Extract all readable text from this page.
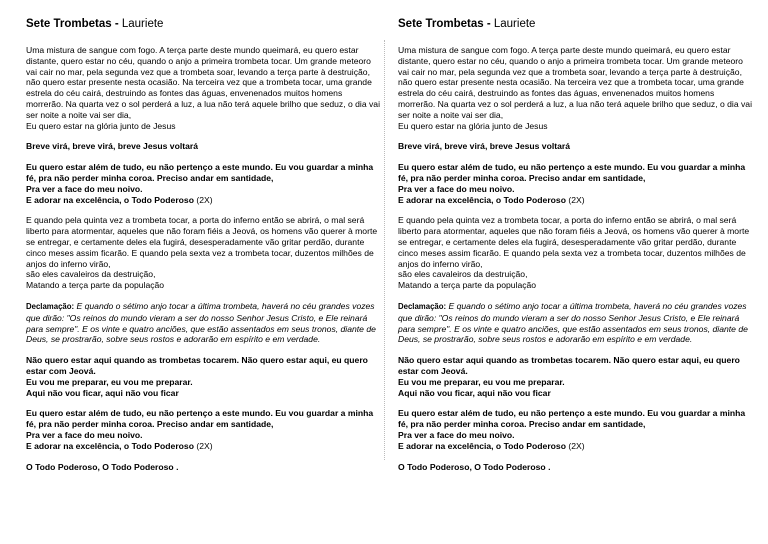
Sete Trombetas - Lauriete

Uma mistura de sangue com fogo. A terça parte deste mundo queimará, eu quero estar distante, quero estar no céu, quando o anjo a primeira trombeta tocar. Um grande meteoro vai cair no mar, pela segunda vez que a trombeta soar, levando a terça parte à destruição, não quero estar presente nesta ocasião. Na terceira vez que a trombeta tocar, uma grande estrela do céu cairá, destruindo as fontes das águas, envenenados muitos homens morrerão. Na quarta vez o sol perderá a luz, a lua não terá aquele brilho que seduz, o dia vai ser noite a noite vai ser dia,

Eu quero estar na glória junto de Jesus

Breve virá, breve virá, breve Jesus voltará

Eu quero estar além de tudo, eu não pertenço a este mundo. Eu vou guardar a minha fé, pra não perder minha coroa. Preciso andar em santidade,

Pra ver a face do meu noivo.

E adorar na excelência, o Todo Poderoso (2X)

E quando pela quinta vez a trombeta tocar, a porta do inferno então se abrirá, o mal será liberto para atormentar, aqueles que não foram fiéis a Jeová, os homens vão querer à morte se entregar, e certamente deles ela fugirá, desesperadamente vão gritar perdão, durante cinco meses assim ficarão. E quando pela sexta vez a trombeta tocar, duzentos milhões de anjos do inferno virão,

são eles cavaleiros da destruição,

Matando a terça parte da população

Declamação: E quando o sétimo anjo tocar a última trombeta, haverá no céu grandes vozes que dirão: "Os reinos do mundo vieram a ser do nosso Senhor Jesus Cristo, e Ele reinará para sempre". E os vinte e quatro anciões, que estão assentados em seus tronos, diante de Deus, se prostrarão, sobre seus rostos e adorarão em espírito e em verdade.

Não quero estar aqui quando as trombetas tocarem. Não quero estar aqui, eu quero estar com Jeová.

Eu vou me preparar, eu vou me preparar.

Aqui não vou ficar, aqui não vou ficar

Eu quero estar além de tudo, eu não pertenço a este mundo. Eu vou guardar a minha fé, pra não perder minha coroa. Preciso andar em santidade,

Pra ver a face do meu noivo.

E adorar na excelência, o Todo Poderoso (2X)

O Todo Poderoso, O Todo Poderoso .

Sete Trombetas - Lauriete

Uma mistura de sangue com fogo. A terça parte deste mundo queimará, eu quero estar distante, quero estar no céu, quando o anjo a primeira trombeta tocar. Um grande meteoro vai cair no mar, pela segunda vez que a trombeta soar, levando a terça parte à destruição, não quero estar presente nesta ocasião. Na terceira vez que a trombeta tocar, uma grande estrela do céu cairá, destruindo as fontes das águas, envenenados muitos homens morrerão. Na quarta vez o sol perderá a luz, a lua não terá aquele brilho que seduz, o dia vai ser noite a noite vai ser dia,

Eu quero estar na glória junto de Jesus

Breve virá, breve virá, breve Jesus voltará

Eu quero estar além de tudo, eu não pertenço a este mundo. Eu vou guardar a minha fé, pra não perder minha coroa. Preciso andar em santidade,

Pra ver a face do meu noivo.

E adorar na excelência, o Todo Poderoso (2X)

E quando pela quinta vez a trombeta tocar, a porta do inferno então se abrirá, o mal será liberto para atormentar, aqueles que não foram fiéis a Jeová, os homens vão querer à morte se entregar, e certamente deles ela fugirá, desesperadamente vão gritar perdão, durante cinco meses assim ficarão. E quando pela sexta vez a trombeta tocar, duzentos milhões de anjos do inferno virão,

são eles cavaleiros da destruição,

Matando a terça parte da população

Declamação: E quando o sétimo anjo tocar a última trombeta, haverá no céu grandes vozes que dirão: "Os reinos do mundo vieram a ser do nosso Senhor Jesus Cristo, e Ele reinará para sempre". E os vinte e quatro anciões, que estão assentados em seus tronos, diante de Deus, se prostrarão, sobre seus rostos e adorarão em espírito e em verdade.

Não quero estar aqui quando as trombetas tocarem. Não quero estar aqui, eu quero estar com Jeová.

Eu vou me preparar, eu vou me preparar.

Aqui não vou ficar, aqui não vou ficar

Eu quero estar além de tudo, eu não pertenço a este mundo. Eu vou guardar a minha fé, pra não perder minha coroa. Preciso andar em santidade,

Pra ver a face do meu noivo.

E adorar na excelência, o Todo Poderoso (2X)

O Todo Poderoso, O Todo Poderoso .
